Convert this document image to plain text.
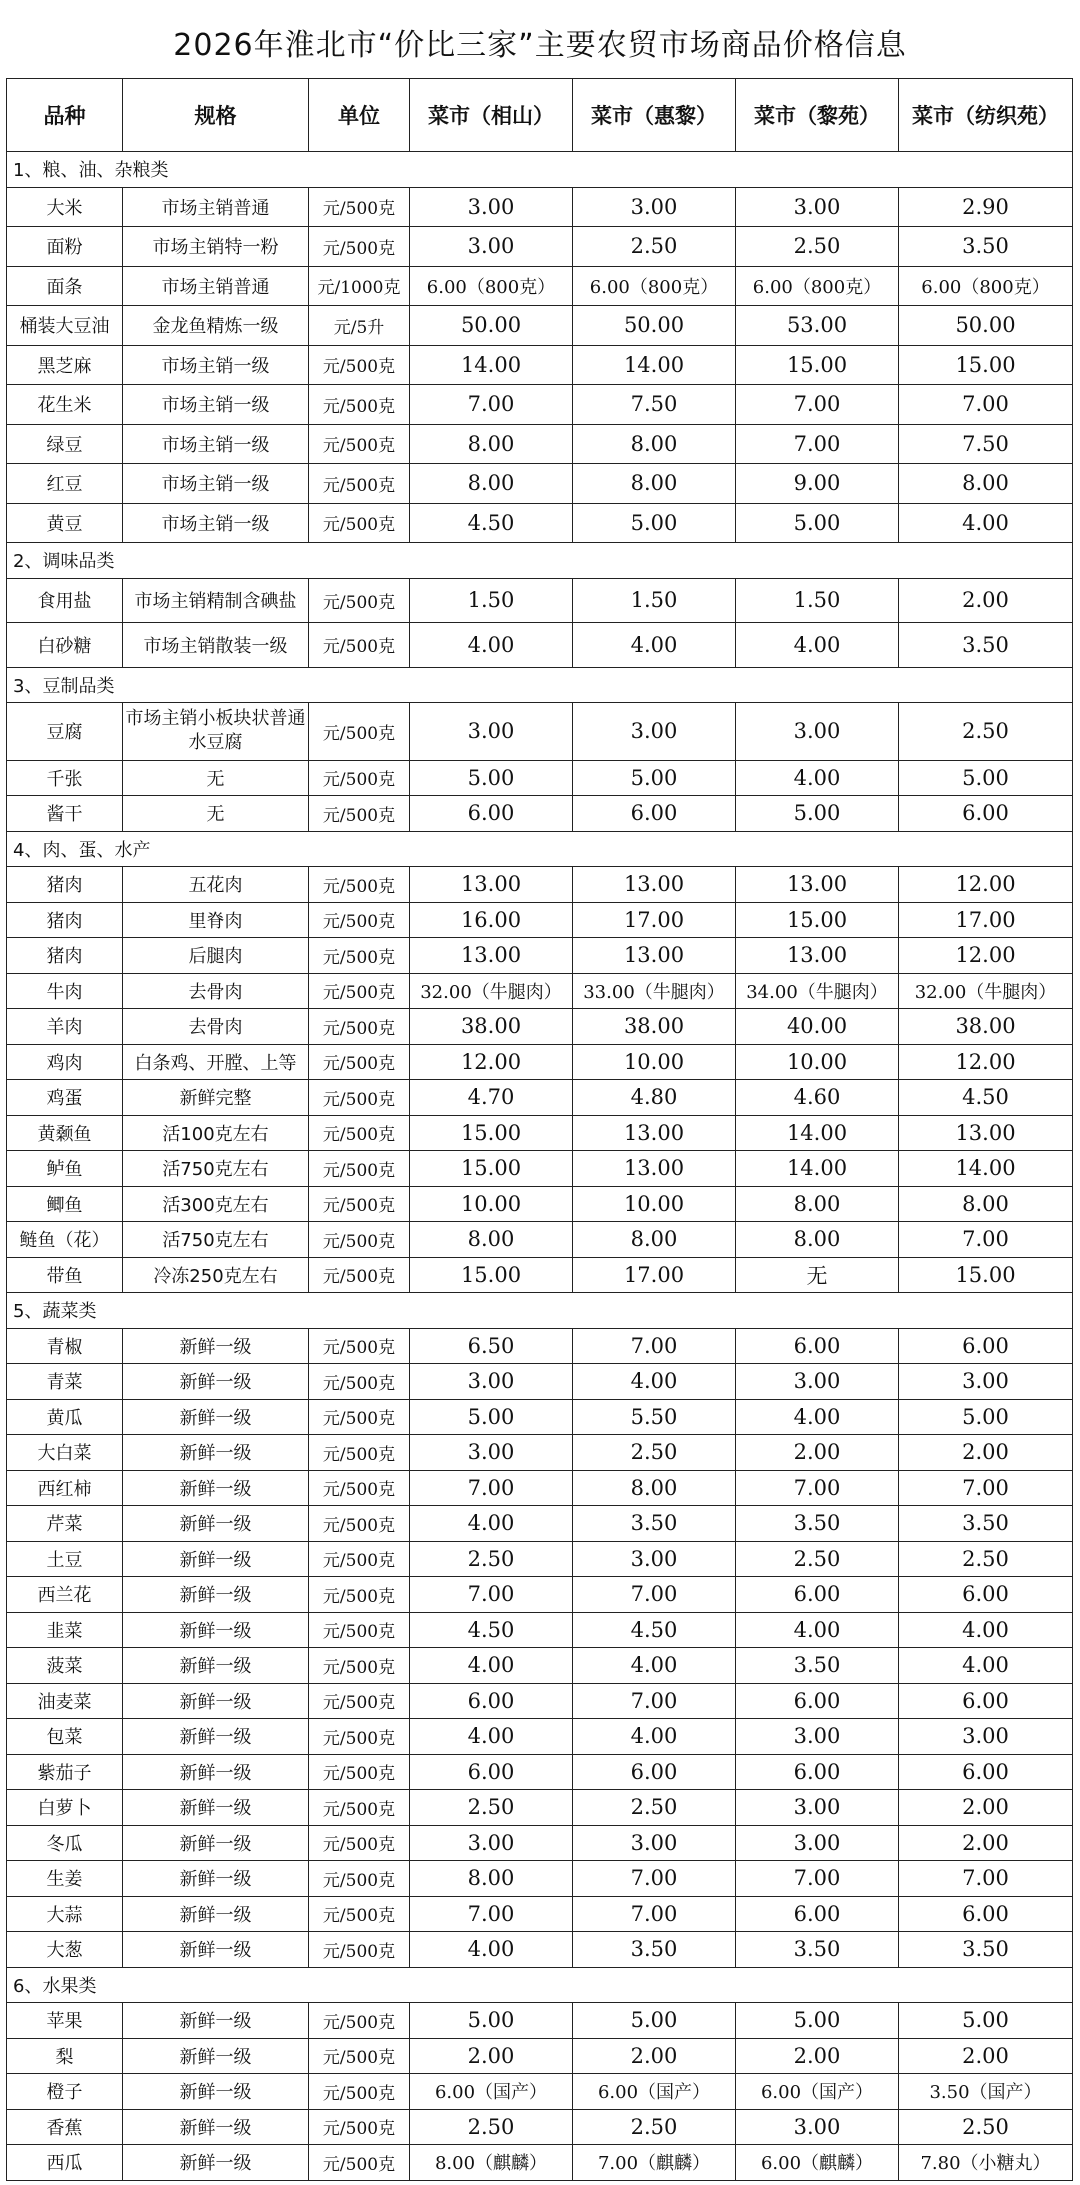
2026年淮北市“价比三家”主要农贸市场商品价格信息
品种	规格	单位	菜市（相山）	菜市（惠黎）	菜市（黎苑）	菜市（纺织苑）
1、粮、油、杂粮类						
大米	市场主销普通	元/500克	3.00	3.00	3.00	2.90
面粉	市场主销特一粉	元/500克	3.00	2.50	2.50	3.50
面条	市场主销普通	元/1000克	6.00（800克）	6.00（800克）	6.00（800克）	6.00（800克）
桶装大豆油	金龙鱼精炼一级	元/5升	50.00	50.00	53.00	50.00
黑芝麻	市场主销一级	元/500克	14.00	14.00	15.00	15.00
花生米	市场主销一级	元/500克	7.00	7.50	7.00	7.00
绿豆	市场主销一级	元/500克	8.00	8.00	7.00	7.50
红豆	市场主销一级	元/500克	8.00	8.00	9.00	8.00
黄豆	市场主销一级	元/500克	4.50	5.00	5.00	4.00
2、调味品类						
食用盐	市场主销精制含碘盐	元/500克	1.50	1.50	1.50	2.00
白砂糖	市场主销散装一级	元/500克	4.00	4.00	4.00	3.50
3、豆制品类						
豆腐	市场主销小板块状普通水豆腐	元/500克	3.00	3.00	3.00	2.50
千张	无	元/500克	5.00	5.00	4.00	5.00
酱干	无	元/500克	6.00	6.00	5.00	6.00
4、肉、蛋、水产						
猪肉	五花肉	元/500克	13.00	13.00	13.00	12.00
猪肉	里脊肉	元/500克	16.00	17.00	15.00	17.00
猪肉	后腿肉	元/500克	13.00	13.00	13.00	12.00
牛肉	去骨肉	元/500克	32.00（牛腿肉）	33.00（牛腿肉）	34.00（牛腿肉）	32.00（牛腿肉）
羊肉	去骨肉	元/500克	38.00	38.00	40.00	38.00
鸡肉	白条鸡、开膛、上等	元/500克	12.00	10.00	10.00	12.00
鸡蛋	新鲜完整	元/500克	4.70	4.80	4.60	4.50
黄颡鱼	活100克左右	元/500克	15.00	13.00	14.00	13.00
鲈鱼	活750克左右	元/500克	15.00	13.00	14.00	14.00
鲫鱼	活300克左右	元/500克	10.00	10.00	8.00	8.00
鲢鱼（花）	活750克左右	元/500克	8.00	8.00	8.00	7.00
带鱼	冷冻250克左右	元/500克	15.00	17.00	无	15.00
5、蔬菜类						
青椒	新鲜一级	元/500克	6.50	7.00	6.00	6.00
青菜	新鲜一级	元/500克	3.00	4.00	3.00	3.00
黄瓜	新鲜一级	元/500克	5.00	5.50	4.00	5.00
大白菜	新鲜一级	元/500克	3.00	2.50	2.00	2.00
西红柿	新鲜一级	元/500克	7.00	8.00	7.00	7.00
芹菜	新鲜一级	元/500克	4.00	3.50	3.50	3.50
土豆	新鲜一级	元/500克	2.50	3.00	2.50	2.50
西兰花	新鲜一级	元/500克	7.00	7.00	6.00	6.00
韭菜	新鲜一级	元/500克	4.50	4.50	4.00	4.00
菠菜	新鲜一级	元/500克	4.00	4.00	3.50	4.00
油麦菜	新鲜一级	元/500克	6.00	7.00	6.00	6.00
包菜	新鲜一级	元/500克	4.00	4.00	3.00	3.00
紫茄子	新鲜一级	元/500克	6.00	6.00	6.00	6.00
白萝卜	新鲜一级	元/500克	2.50	2.50	3.00	2.00
冬瓜	新鲜一级	元/500克	3.00	3.00	3.00	2.00
生姜	新鲜一级	元/500克	8.00	7.00	7.00	7.00
大蒜	新鲜一级	元/500克	7.00	7.00	6.00	6.00
大葱	新鲜一级	元/500克	4.00	3.50	3.50	3.50
6、水果类						
苹果	新鲜一级	元/500克	5.00	5.00	5.00	5.00
梨	新鲜一级	元/500克	2.00	2.00	2.00	2.00
橙子	新鲜一级	元/500克	6.00（国产）	6.00（国产）	6.00（国产）	3.50（国产）
香蕉	新鲜一级	元/500克	2.50	2.50	3.00	2.50
西瓜	新鲜一级	元/500克	8.00（麒麟）	7.00（麒麟）	6.00（麒麟）	7.80（小糖丸）
